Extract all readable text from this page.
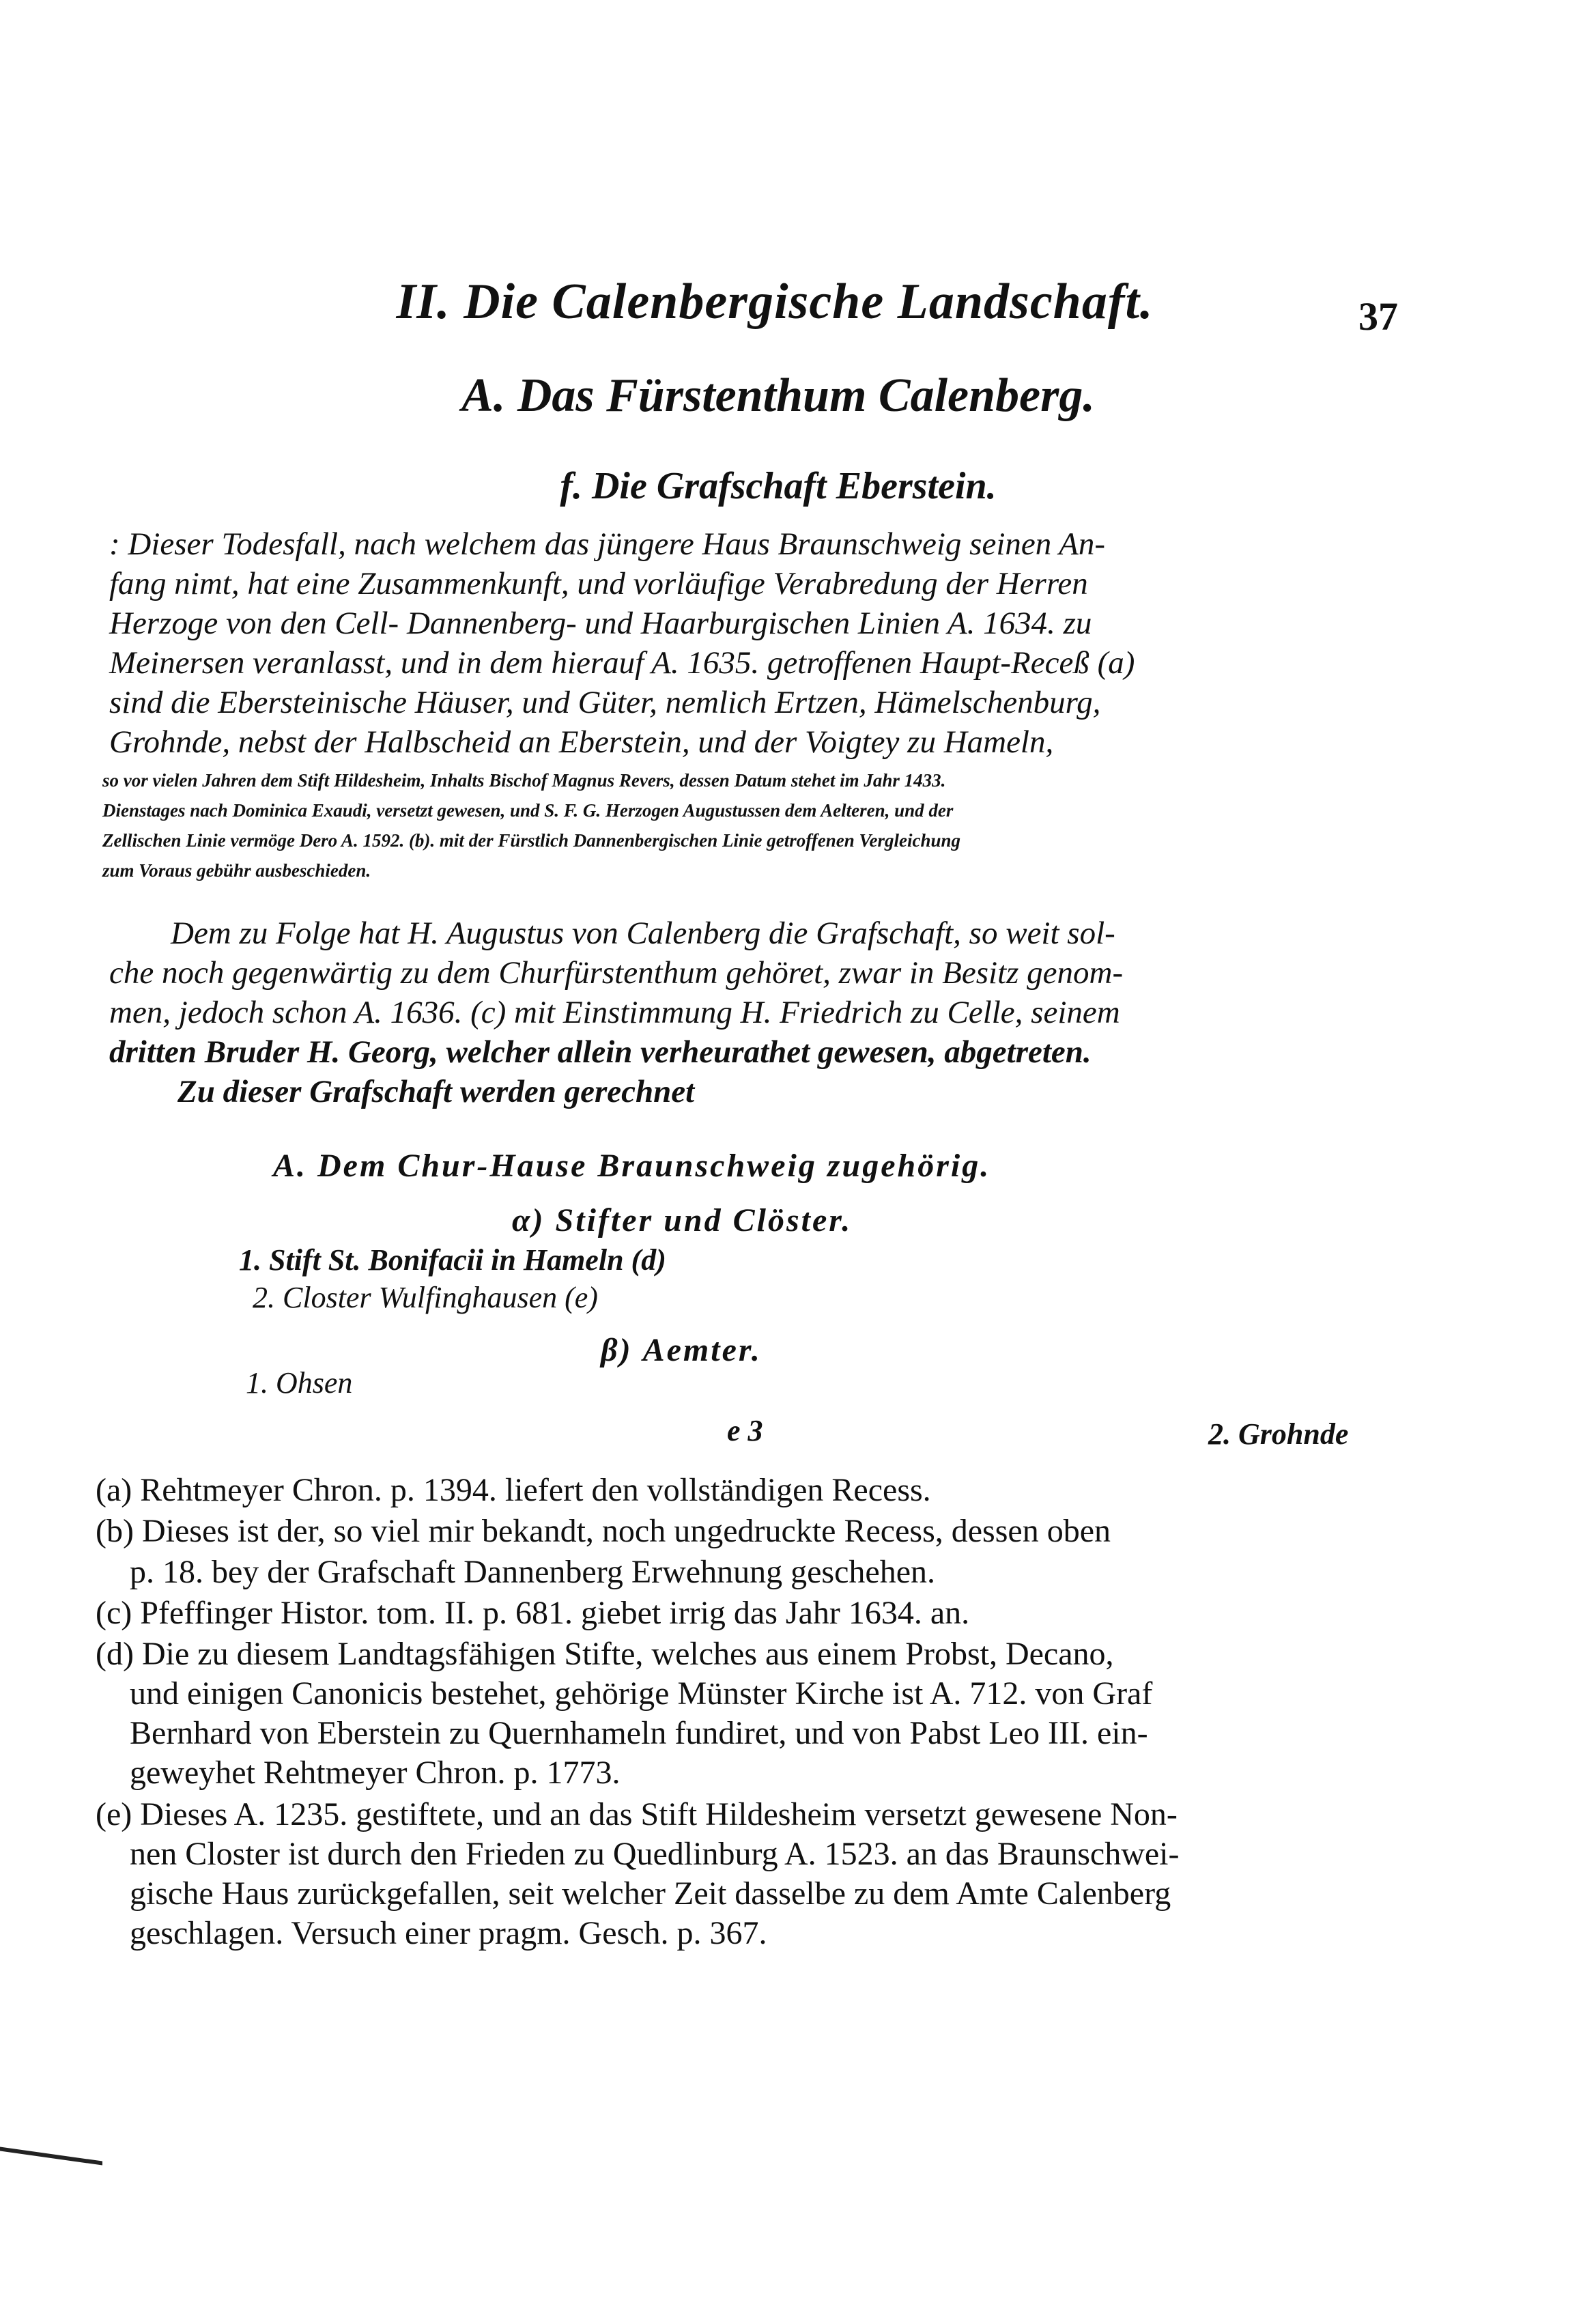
II. Die Calenbergische Landschaft.	37
A. Das Fürstenthum Calenberg.
f. Die Grafschaft Eberstein.
: Dieser Todesfall, nach welchem das jüngere Haus Braunschweig seinen An-
fang nimt, hat eine Zusammenkunft, und vorläufige Verabredung der Herren
Herzoge von den Cell- Dannenberg- und Haarburgischen Linien A. 1634. zu
Meinersen veranlasst, und in dem hierauf A. 1635. getroffenen Haupt-Receß (a)
sind die Ebersteinische Häuser, und Güter, nemlich Ertzen, Hämelschenburg,
Grohnde, nebst der Halbscheid an Eberstein, und der Voigtey zu Hameln,
so vor vielen Jahren dem Stift Hildesheim, Inhalts Bischof Magnus Revers, dessen Datum stehet im Jahr 1433.
Dienstages nach Dominica Exaudi, versetzt gewesen, und S. F. G. Herzogen Augustussen dem Aelteren, und der
Zellischen Linie vermöge Dero A. 1592. (b). mit der Fürstlich Dannenbergischen Linie getroffenen Vergleichung
zum Voraus gebühr ausbeschieden.
Dem zu Folge hat H. Augustus von Calenberg die Grafschaft, so weit sol-
che noch gegenwärtig zu dem Churfürstenthum gehöret, zwar in Besitz genom-
men, jedoch schon A. 1636. (c) mit Einstimmung H. Friedrich zu Celle, seinem
dritten Bruder H. Georg, welcher allein verheurathet gewesen, abgetreten.
Zu dieser Grafschaft werden gerechnet
A. Dem Chur-Hause Braunschweig zugehörig.
α) Stifter und Clöster.
1. Stift St. Bonifacii in Hameln (d)
2. Closter Wulfinghausen (e)
β) Aemter.
1. Ohsen
e 3	2. Grohnde
(a) Rehtmeyer Chron. p. 1394. liefert den vollständigen Recess.
(b) Dieses ist der, so viel mir bekandt, noch ungedruckte Recess, dessen oben
p. 18. bey der Grafschaft Dannenberg Erwehnung geschehen.
(c) Pfeffinger Histor. tom. II. p. 681. giebet irrig das Jahr 1634. an.
(d) Die zu diesem Landtagsfähigen Stifte, welches aus einem Probst, Decano,
und einigen Canonicis bestehet, gehörige Münster Kirche ist A. 712. von Graf
Bernhard von Eberstein zu Quernhameln fundiret, und von Pabst Leo III. ein-
geweyhet Rehtmeyer Chron. p. 1773.
(e) Dieses A. 1235. gestiftete, und an das Stift Hildesheim versetzt gewesene Non-
nen Closter ist durch den Frieden zu Quedlinburg A. 1523. an das Braunschwei-
gische Haus zurückgefallen, seit welcher Zeit dasselbe zu dem Amte Calenberg
geschlagen. Versuch einer pragm. Gesch. p. 367.
